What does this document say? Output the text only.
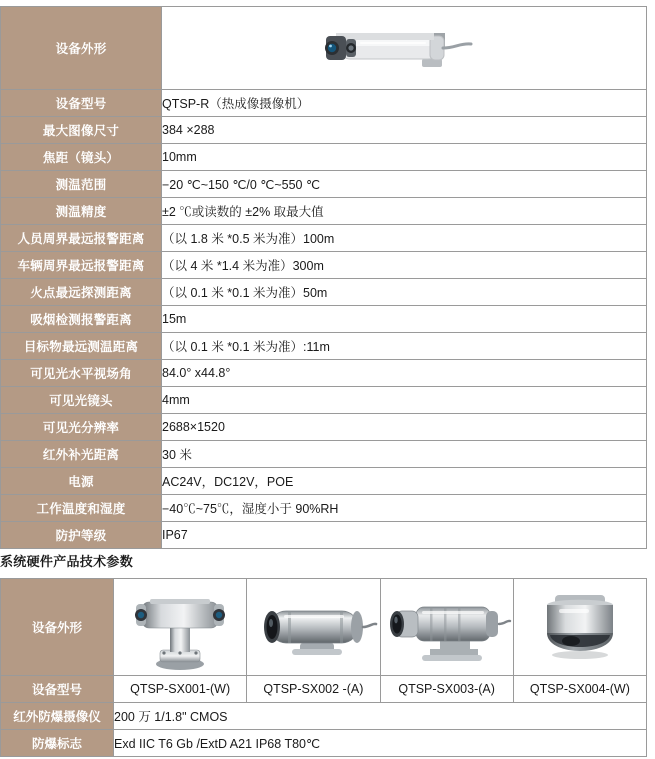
设备外形	

设备型号	QTSP-R（热成像摄像机）
最大图像尺寸	384 ×288
焦距（镜头）	10mm
测温范围	−20 ℃~150 ℃/0 ℃~550 ℃
测温精度	±2 ℃或读数的 ±2% 取最大值
人员周界最远报警距离	（以 1.8 米 *0.5 米为准）100m
车辆周界最远报警距离	（以 4 米 *1.4 米为准）300m
火点最远探测距离	（以 0.1 米 *0.1 米为准）50m
吸烟检测报警距离	15m
目标物最远测温距离	（以 0.1 米 *0.1 米为准）:11m
可见光水平视场角	84.0° x44.8°
可见光镜头	4mm
可见光分辨率	2688×1520
红外补光距离	30 米
电源	AC24V，DC12V，POE
工作温度和湿度	−40℃~75℃，湿度小于 90%RH
防护等级	IP67
系统硬件产品技术参数
设备外形	

设备型号	QTSP-SX001-(W)	QTSP-SX002 -(A)	QTSP-SX003-(A)	QTSP-SX004-(W)
红外防爆摄像仪	200 万 1/1.8" CMOS			
防爆标志	Exd IIC T6 Gb /ExtD A21 IP68 T80℃			
